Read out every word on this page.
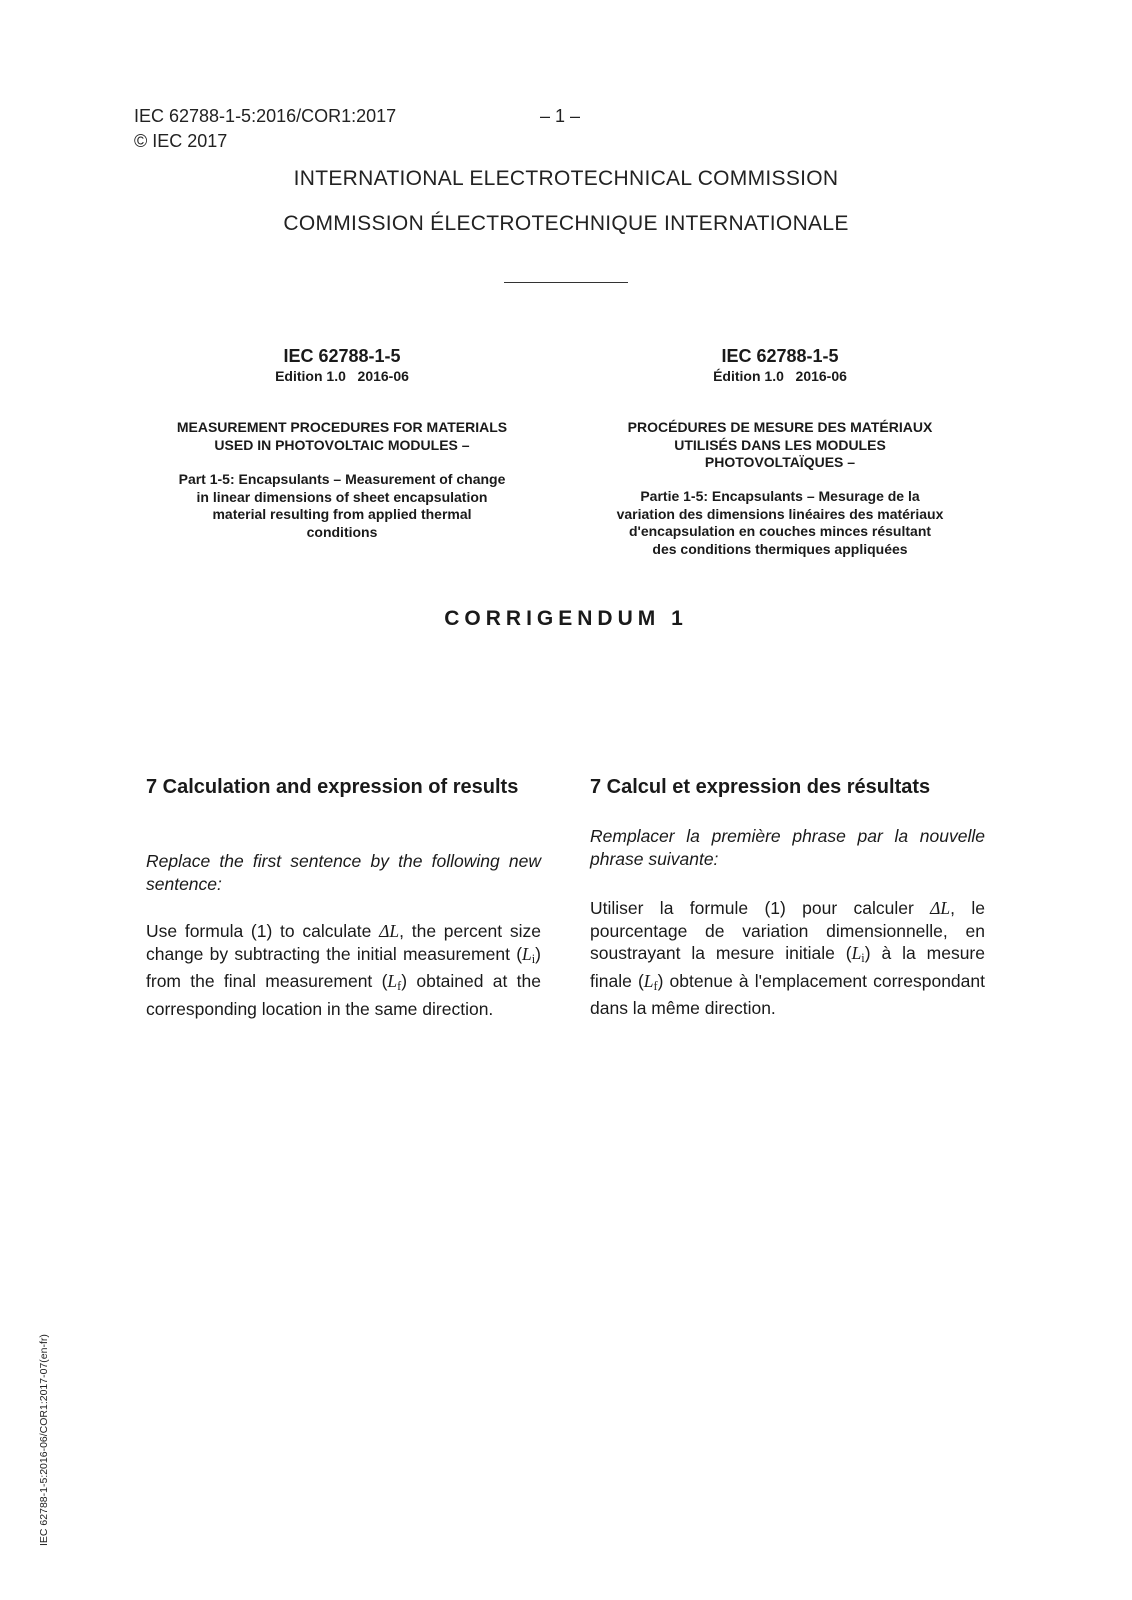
IEC 62788-1-5:2016/COR1:2017	– 1 –
© IEC 2017
INTERNATIONAL ELECTROTECHNICAL COMMISSION
COMMISSION ÉLECTROTECHNIQUE INTERNATIONALE
IEC 62788-1-5
Edition 1.0   2016-06
MEASUREMENT PROCEDURES FOR MATERIALS
USED IN PHOTOVOLTAIC MODULES –
Part 1-5: Encapsulants – Measurement of change
in linear dimensions of sheet encapsulation
material resulting from applied thermal
conditions
IEC 62788-1-5
Édition 1.0   2016-06
PROCÉDURES DE MESURE DES MATÉRIAUX
UTILISÉS DANS LES MODULES
PHOTOVOLTAÏQUES –
Partie 1-5: Encapsulants – Mesurage de la
variation des dimensions linéaires des matériaux
d'encapsulation en couches minces résultant
des conditions thermiques appliquées
CORRIGENDUM 1
7 Calculation and expression of results
Replace the first sentence by the following new sentence:
Use formula (1) to calculate ΔL, the percent size change by subtracting the initial measurement $(L_i)$ from the final measurement $(L_f)$ obtained at the corresponding location in the same direction.
7 Calcul et expression des résultats
Remplacer la première phrase par la nouvelle phrase suivante:
Utiliser la formule (1) pour calculer ΔL, le pourcentage de variation dimensionnelle, en soustrayant la mesure initiale $(L_i)$ à la mesure finale $(L_f)$ obtenue à l'emplacement correspondant dans la même direction.
IEC 62788-1-5:2016-06/COR1:2017-07(en-fr)
